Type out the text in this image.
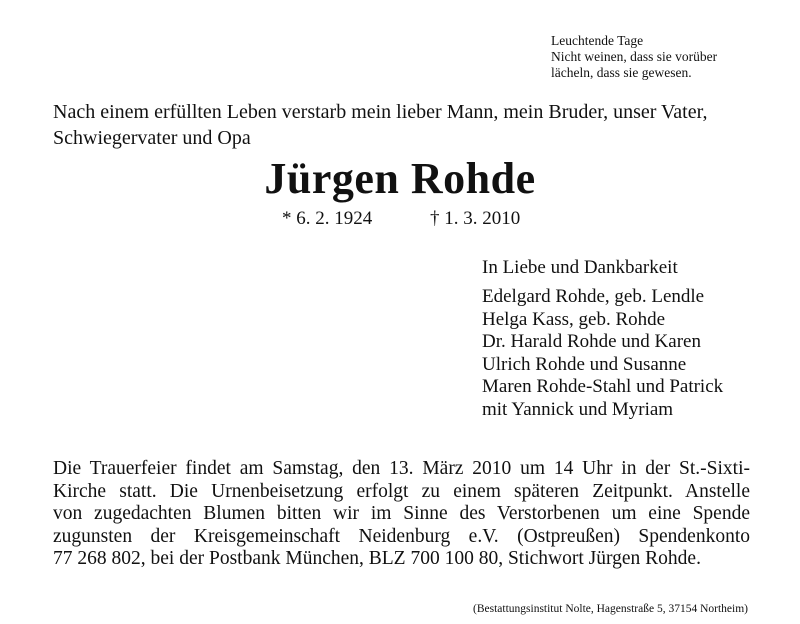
Leuchtende Tage
Nicht weinen, dass sie vorüber
lächeln, dass sie gewesen.
Nach einem erfüllten Leben verstarb mein lieber Mann, mein Bruder, unser Vater,
Schwiegervater und Opa
Jürgen Rohde
* 6. 2. 1924	† 1. 3. 2010
In Liebe und Dankbarkeit
Edelgard Rohde, geb. Lendle
Helga Kass, geb. Rohde
Dr. Harald Rohde und Karen
Ulrich Rohde und Susanne
Maren Rohde-Stahl und Patrick
mit Yannick und Myriam
Die Trauerfeier findet am Samstag, den 13. März 2010 um 14 Uhr in der St.-Sixti-
Kirche statt. Die Urnenbeisetzung erfolgt zu einem späteren Zeitpunkt. Anstelle
von zugedachten Blumen bitten wir im Sinne des Verstorbenen um eine Spende
zugunsten der Kreisgemeinschaft Neidenburg e.V. (Ostpreußen) Spendenkonto
77 268 802, bei der Postbank München, BLZ 700 100 80, Stichwort Jürgen Rohde.
(Bestattungsinstitut Nolte, Hagenstraße 5, 37154 Northeim)
